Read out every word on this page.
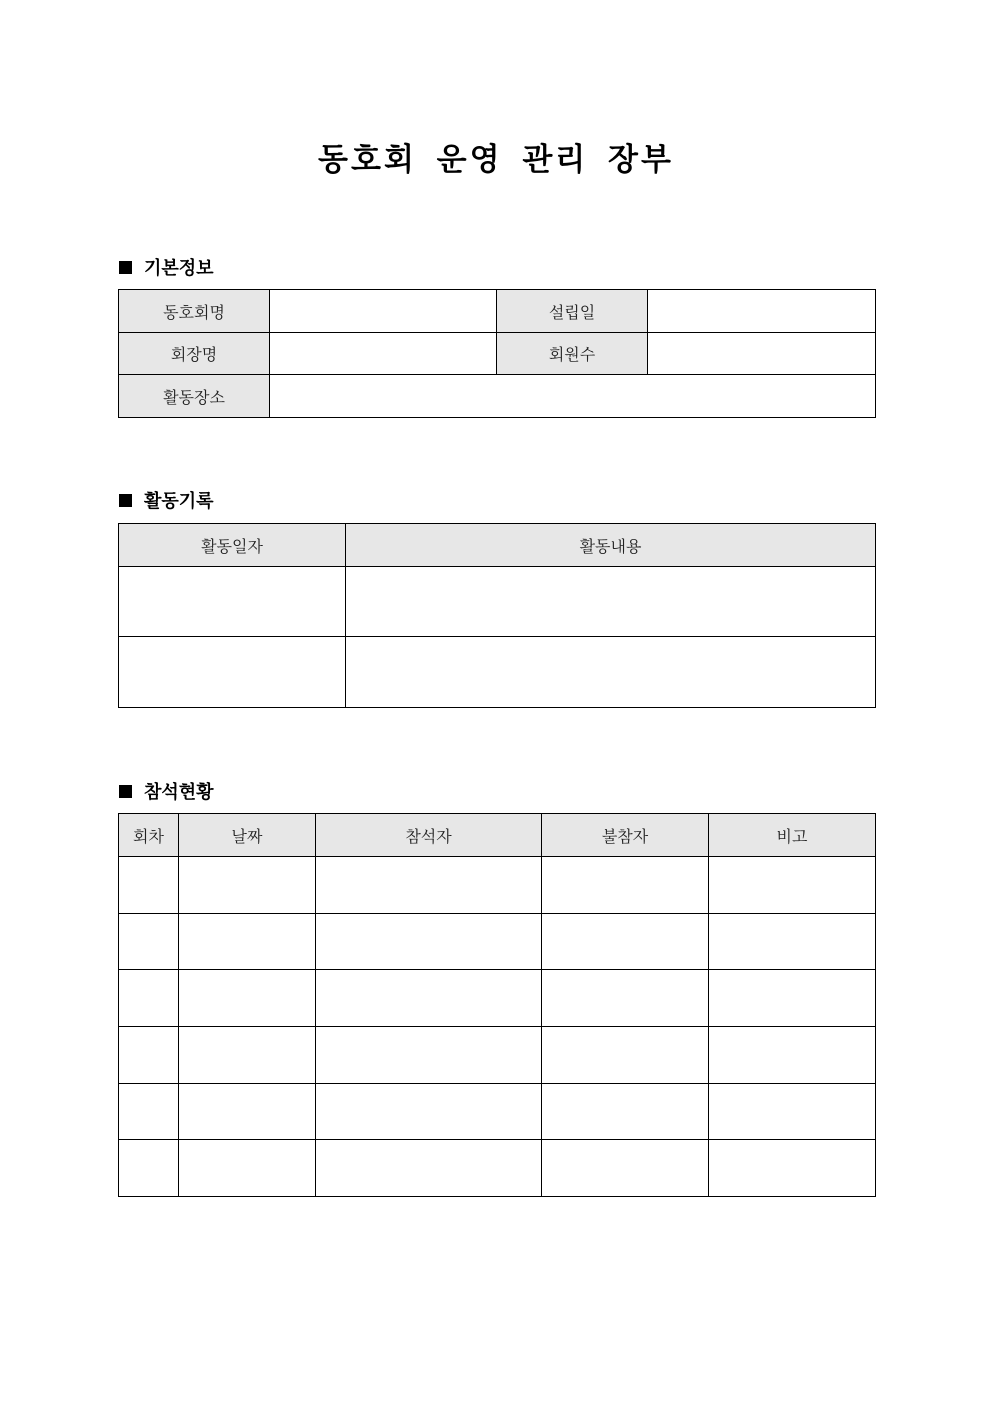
동호회 운영 관리 장부
기본정보
동호회명		설립일	
회장명		회원수	
활동장소			
활동기록
활동일자	활동내용

참석현황
회차	날짜	참석자	불참자	비고
